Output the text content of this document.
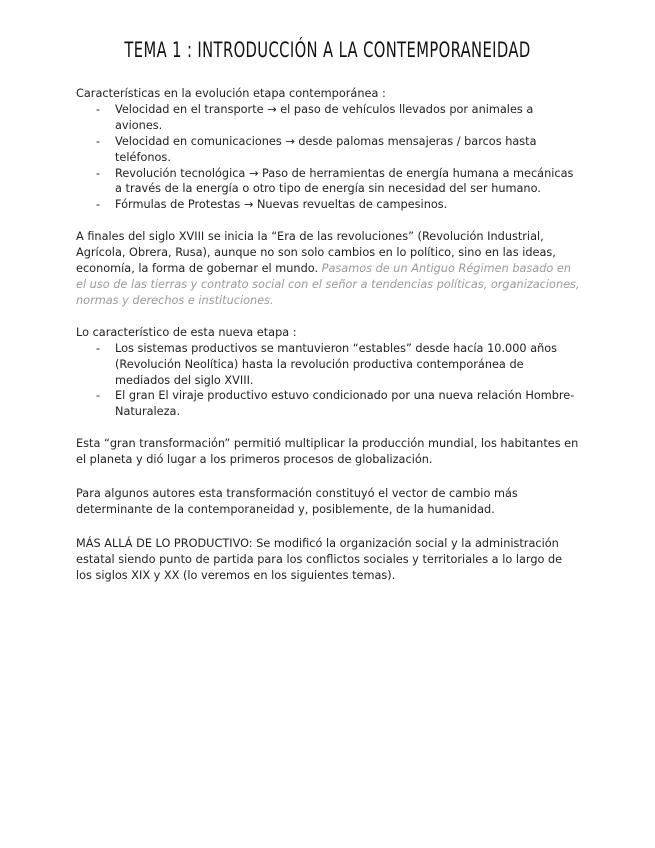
TEMA 1 : INTRODUCCIÓN A LA CONTEMPORANEIDAD

Características en la evolución etapa contemporánea :

- Velocidad en el transporte → el paso de vehículos llevados por animales a aviones.
- Velocidad en comunicaciones → desde palomas mensajeras / barcos hasta teléfonos.
- Revolución tecnológica → Paso de herramientas de energía humana a mecánicas a través de la energía o otro tipo de energía sin necesidad del ser humano.
- Fórmulas de Protestas → Nuevas revueltas de campesinos.

A finales del siglo XVIII se inicia la “Era de las revoluciones” (Revolución Industrial, Agrícola, Obrera, Rusa), aunque no son solo cambios en lo político, sino en las ideas, economía, la forma de gobernar el mundo. Pasamos de un Antiguo Régimen basado en el uso de las tierras y contrato social con el señor a tendencias políticas, organizaciones, normas y derechos e instituciones.

Lo característico de esta nueva etapa :

- Los sistemas productivos se mantuvieron “estables” desde hacía 10.000 años (Revolución Neolítica) hasta la revolución productiva contemporánea de mediados del siglo XVIII.
- El gran El viraje productivo estuvo condicionado por una nueva relación Hombre-Naturaleza.

Esta “gran transformación” permitió multiplicar la producción mundial, los habitantes en el planeta y dió lugar a los primeros procesos de globalización.

Para algunos autores esta transformación constituyó el vector de cambio más determinante de la contemporaneidad y, posiblemente, de la humanidad.

MÁS ALLÁ DE LO PRODUCTIVO: Se modificó la organización social y la administración estatal siendo punto de partida para los conflictos sociales y territoriales a lo largo de los siglos XIX y XX (lo veremos en los siguientes temas).
